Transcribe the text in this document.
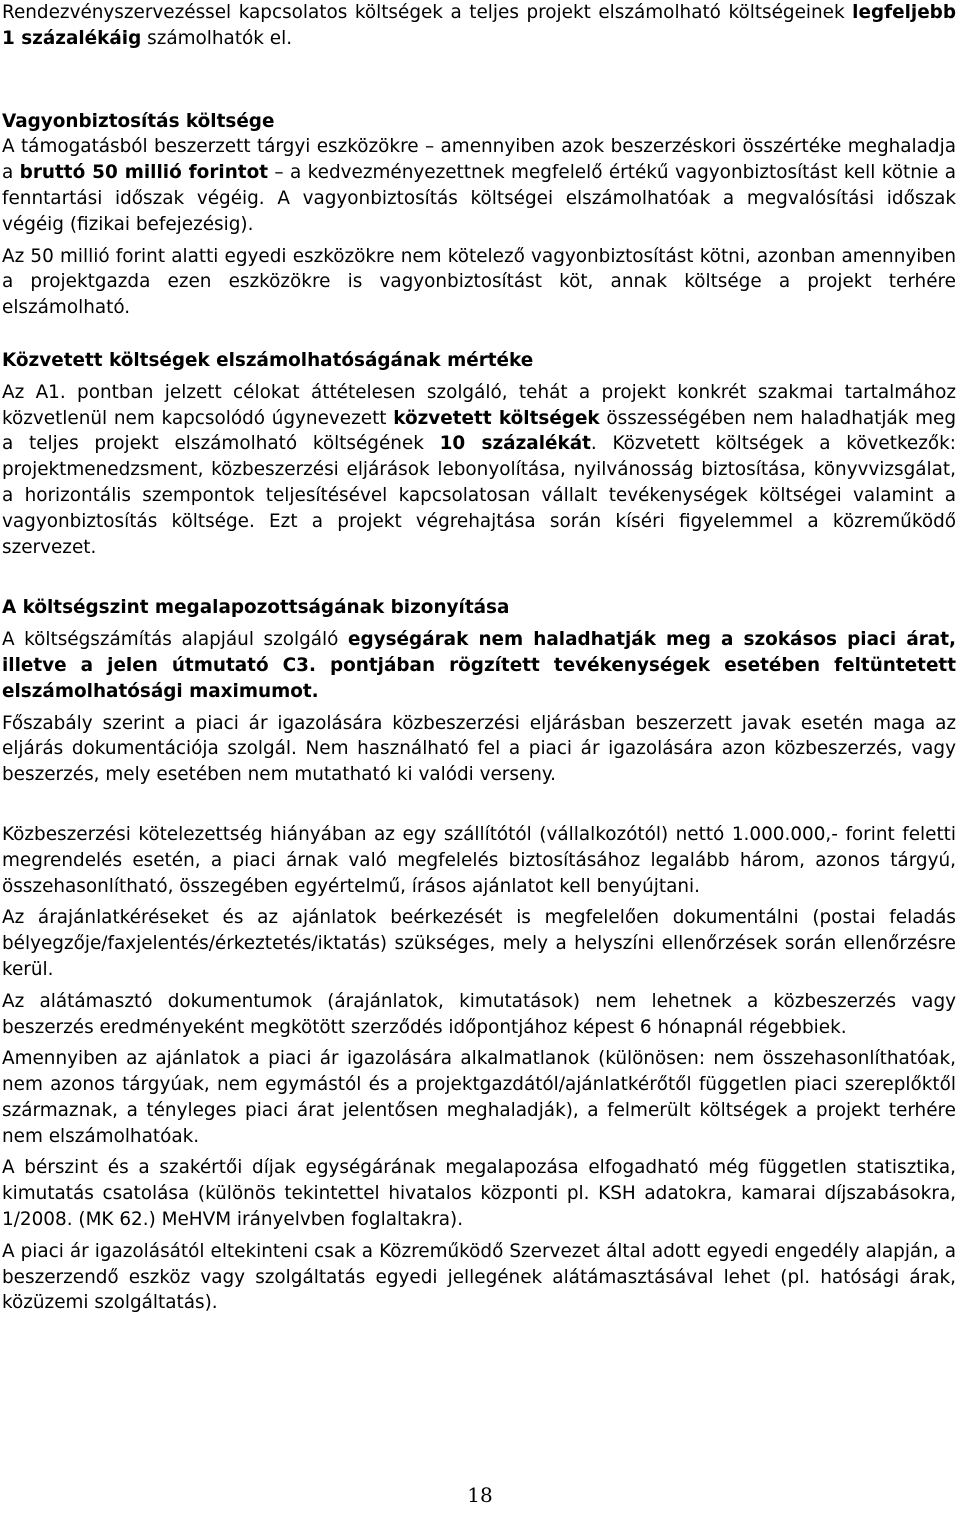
Rendezvényszervezéssel kapcsolatos költségek a teljes projekt elszámolható költségeinek legfeljebb 1 százalékáig számolhatók el.

Vagyonbiztosítás költsége

A támogatásból beszerzett tárgyi eszközökre – amennyiben azok beszerzéskori összértéke meghaladja a bruttó 50 millió forintot – a kedvezményezettnek megfelelő értékű vagyonbiztosítást kell kötnie a fenntartási időszak végéig. A vagyonbiztosítás költségei elszámolhatóak a megvalósítási időszak végéig (fizikai befejezésig).

Az 50 millió forint alatti egyedi eszközökre nem kötelező vagyonbiztosítást kötni, azonban amennyiben a projektgazda ezen eszközökre is vagyonbiztosítást köt, annak költsége a projekt terhére elszámolható.

Közvetett költségek elszámolhatóságának mértéke

Az A1. pontban jelzett célokat áttételesen szolgáló, tehát a projekt konkrét szakmai tartalmához közvetlenül nem kapcsolódó úgynevezett közvetett költségek összességében nem haladhatják meg a teljes projekt elszámolható költségének 10 százalékát. Közvetett költségek a következők: projektmenedzsment, közbeszerzési eljárások lebonyolítása, nyilvánosság biztosítása, könyvvizsgálat, a horizontális szempontok teljesítésével kapcsolatosan vállalt tevékenységek költségei valamint a vagyonbiztosítás költsége. Ezt a projekt végrehajtása során kíséri figyelemmel a közreműködő szervezet.

A költségszint megalapozottságának bizonyítása

A költségszámítás alapjául szolgáló egységárak nem haladhatják meg a szokásos piaci árat, illetve a jelen útmutató C3. pontjában rögzített tevékenységek esetében feltüntetett elszámolhatósági maximumot.

Főszabály szerint a piaci ár igazolására közbeszerzési eljárásban beszerzett javak esetén maga az eljárás dokumentációja szolgál. Nem használható fel a piaci ár igazolására azon közbeszerzés, vagy beszerzés, mely esetében nem mutatható ki valódi verseny.

Közbeszerzési kötelezettség hiányában az egy szállítótól (vállalkozótól) nettó 1.000.000,- forint feletti megrendelés esetén, a piaci árnak való megfelelés biztosításához legalább három, azonos tárgyú, összehasonlítható, összegében egyértelmű, írásos ajánlatot kell benyújtani.

Az árajánlatkéréseket és az ajánlatok beérkezését is megfelelően dokumentálni (postai feladás bélyegzője/faxjelentés/érkeztetés/iktatás) szükséges, mely a helyszíni ellenőrzések során ellenőrzésre kerül.

Az alátámasztó dokumentumok (árajánlatok, kimutatások) nem lehetnek a közbeszerzés vagy beszerzés eredményeként megkötött szerződés időpontjához képest 6 hónapnál régebbiek.

Amennyiben az ajánlatok a piaci ár igazolására alkalmatlanok (különösen: nem összehasonlíthatóak, nem azonos tárgyúak, nem egymástól és a projektgazdától/ajánlatkérőtől független piaci szereplőktől származnak, a tényleges piaci árat jelentősen meghaladják), a felmerült költségek a projekt terhére nem elszámolhatóak.

A bérszint és a szakértői díjak egységárának megalapozása elfogadható még független statisztika, kimutatás csatolása (különös tekintettel hivatalos központi pl. KSH adatokra, kamarai díjszabásokra, 1/2008. (MK 62.) MeHVM irányelvben foglaltakra).

A piaci ár igazolásától eltekinteni csak a Közreműködő Szervezet által adott egyedi engedély alapján, a beszerzendő eszköz vagy szolgáltatás egyedi jellegének alátámasztásával lehet (pl. hatósági árak, közüzemi szolgáltatás).

18
